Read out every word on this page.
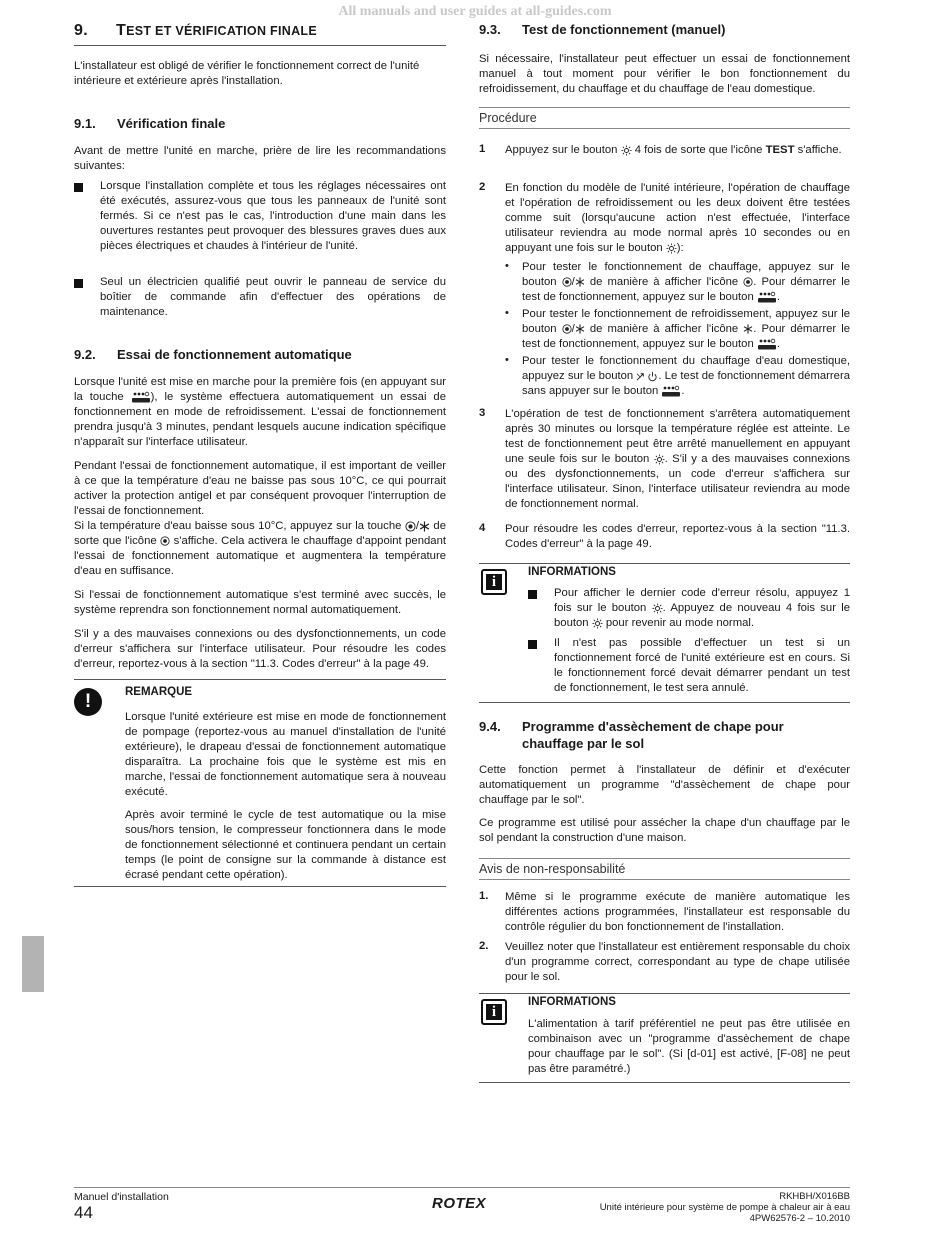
All manuals and user guides at all-guides.com
9. TEST ET VÉRIFICATION FINALE

L'installateur est obligé de vérifier le fonctionnement correct de l'unité intérieure et extérieure après l'installation.

9.1. Vérification finale

Avant de mettre l'unité en marche, prière de lire les recommandations suivantes:

Lorsque l'installation complète et tous les réglages nécessaires ont été exécutés, assurez-vous que tous les panneaux de l'unité sont fermés. Si ce n'est pas le cas, l'introduction d'une main dans les ouvertures restantes peut provoquer des blessures graves dues aux pièces électriques et chaudes à l'intérieur de l'unité.

Seul un électricien qualifié peut ouvrir le panneau de service du boîtier de commande afin d'effectuer des opérations de maintenance.

9.2. Essai de fonctionnement automatique

Lorsque l'unité est mise en marche pour la première fois (en appuyant sur la touche ), le système effectuera automatiquement un essai de fonctionnement en mode de refroidissement. L'essai de fonctionnement prendra jusqu'à 3 minutes, pendant lesquels aucune indication spécifique n'apparaît sur l'interface utilisateur.

Pendant l'essai de fonctionnement automatique, il est important de veiller à ce que la température d'eau ne baisse pas sous 10°C, ce qui pourrait activer la protection antigel et par conséquent provoquer l'interruption de l'essai de fonctionnement.

Si la température d'eau baisse sous 10°C, appuyez sur la touche / de sorte que l'icône s'affiche. Cela activera le chauffage d'appoint pendant l'essai de fonctionnement automatique et augmentera la température d'eau en suffisance.

Si l'essai de fonctionnement automatique s'est terminé avec succès, le système reprendra son fonctionnement normal automatiquement.

S'il y a des mauvaises connexions ou des dysfonctionnements, un code d'erreur s'affichera sur l'interface utilisateur. Pour résoudre les codes d'erreur, reportez-vous à la section "11.3. Codes d'erreur" à la page 49.

!	REMARQUE

Lorsque l'unité extérieure est mise en mode de fonctionnement de pompage (reportez-vous au manuel d'installation de l'unité extérieure), le drapeau d'essai de fonctionnement automatique disparaîtra. La prochaine fois que le système est mis en marche, l'essai de fonctionnement automatique sera à nouveau exécuté.

Après avoir terminé le cycle de test automatique ou la mise sous/hors tension, le compresseur fonctionnera dans le mode de fonctionnement sélectionné et continuera pendant un certain temps (le point de consigne sur la commande à distance est écrasé pendant cette opération).

9.3. Test de fonctionnement (manuel)

Si nécessaire, l'installateur peut effectuer un essai de fonctionnement manuel à tout moment pour vérifier le bon fonctionnement du refroidissement, du chauffage et du chauffage de l'eau domestique.

Procédure
1 Appuyez sur le bouton 4 fois de sorte que l'icône TEST s'affiche.

2 En fonction du modèle de l'unité intérieure, l'opération de chauffage et l'opération de refroidissement ou les deux doivent être testées comme suit (lorsqu'aucune action n'est effectuée, l'interface utilisateur reviendra au mode normal après 10 secondes ou en appuyant une fois sur le bouton ):

• Pour tester le fonctionnement de chauffage, appuyez sur le bouton / de manière à afficher l'icône . Pour démarrer le test de fonctionnement, appuyez sur le bouton .

• Pour tester le fonctionnement de refroidissement, appuyez sur le bouton / de manière à afficher l'icône . Pour démarrer le test de fonctionnement, appuyez sur le bouton .

• Pour tester le fonctionnement du chauffage d'eau domestique, appuyez sur le bouton . Le test de fonctionnement démarrera sans appuyer sur le bouton .

3 L'opération de test de fonctionnement s'arrêtera automatiquement après 30 minutes ou lorsque la température réglée est atteinte. Le test de fonctionnement peut être arrêté manuellement en appuyant une seule fois sur le bouton . S'il y a des mauvaises connexions ou des dysfonctionnements, un code d'erreur s'affichera sur l'interface utilisateur. Sinon, l'interface utilisateur reviendra au mode de fonctionnement normal.

4 Pour résoudre les codes d'erreur, reportez-vous à la section "11.3. Codes d'erreur" à la page 49.

i
INFORMATIONS

Pour afficher le dernier code d'erreur résolu, appuyez 1 fois sur le bouton . Appuyez de nouveau 4 fois sur le bouton pour revenir au mode normal.

Il n'est pas possible d'effectuer un test si un fonctionnement forcé de l'unité extérieure est en cours. Si le fonctionnement forcé devait démarrer pendant un test de fonctionnement, le test sera annulé.

9.4. Programme d'assèchement de chape pour
chauffage par le sol

Cette fonction permet à l'installateur de définir et d'exécuter automatiquement un programme "d'assèchement de chape pour chauffage par le sol".

Ce programme est utilisé pour assécher la chape d'un chauffage par le sol pendant la construction d'une maison.

Avis de non-responsabilité
1. Même si le programme exécute de manière automatique les différentes actions programmées, l'installateur est responsable du contrôle régulier du bon fonctionnement de l'installation.

2. Veuillez noter que l'installateur est entièrement responsable du choix d'un programme correct, correspondant au type de chape utilisée pour le sol.

i
INFORMATIONS

L'alimentation à tarif préférentiel ne peut pas être utilisée en combinaison avec un "programme d'assèchement de chape pour chauffage par le sol". (Si [d-01] est activé, [F-08] ne peut pas être paramétré.)

Manuel d'installation
44	ROTEX	RKHBH/X016BB
Unité intérieure pour système de pompe à chaleur air à eau
4PW62576-2 – 10.2010
